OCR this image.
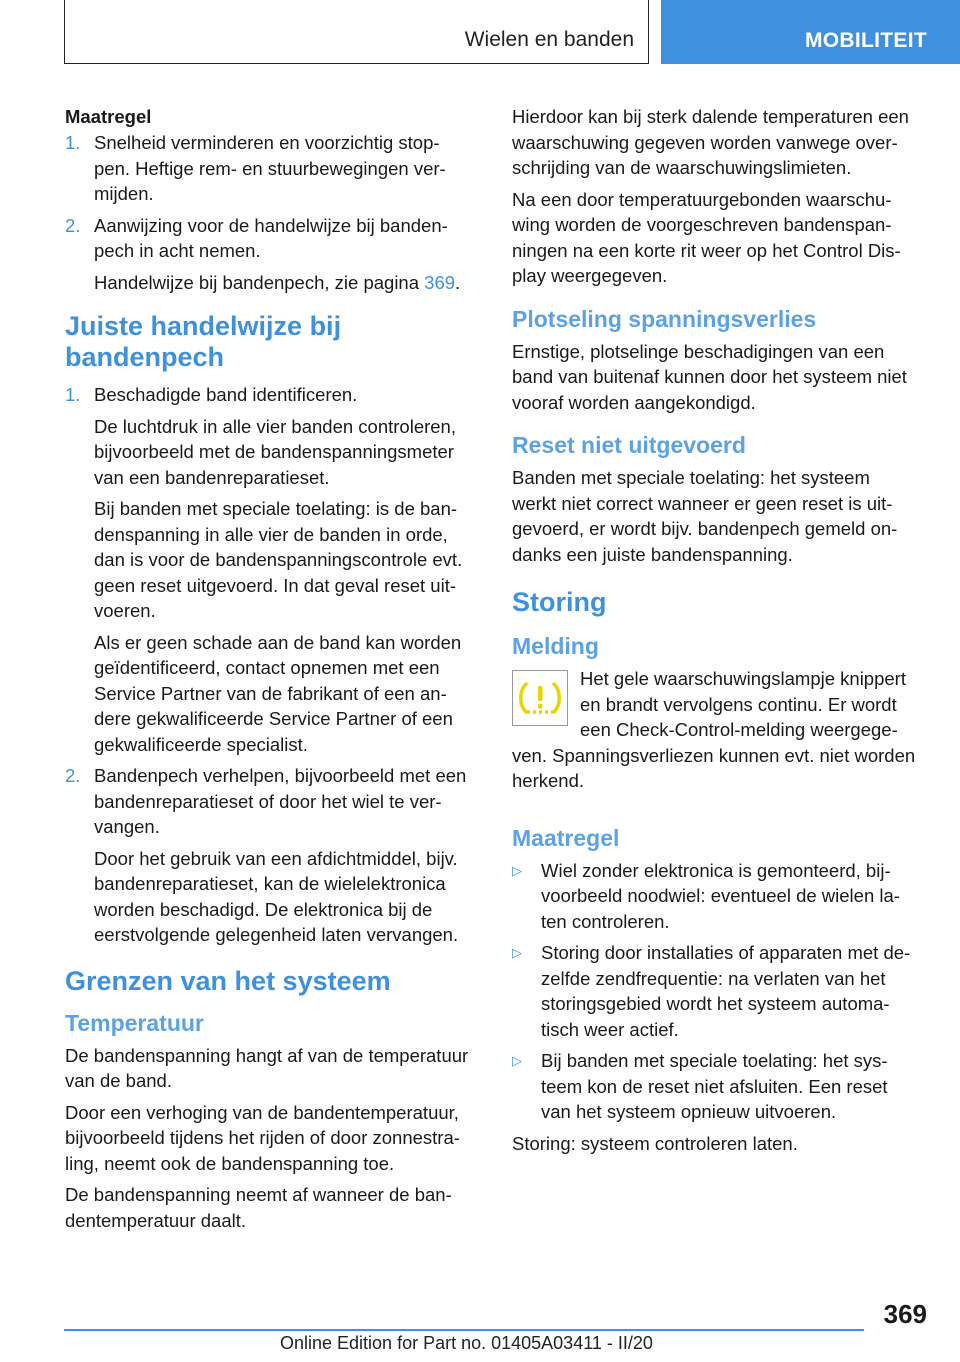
Wielen en banden	MOBILITEIT
Maatregel
1. Snelheid verminderen en voorzichtig stop-
pen. Heftige rem- en stuurbewegingen ver-
mijden.
2. Aanwijzing voor de handelwijze bij banden-
pech in acht nemen.
Handelwijze bij bandenpech, zie pagina 369.
Juiste handelwijze bij
bandenpech
1. Beschadigde band identificeren.
De luchtdruk in alle vier banden controleren,
bijvoorbeeld met de bandenspanningsmeter
van een bandenreparatieset.
Bij banden met speciale toelating: is de ban-
denspanning in alle vier de banden in orde,
dan is voor de bandenspanningscontrole evt.
geen reset uitgevoerd. In dat geval reset uit-
voeren.
Als er geen schade aan de band kan worden
geïdentificeerd, contact opnemen met een
Service Partner van de fabrikant of een an-
dere gekwalificeerde Service Partner of een
gekwalificeerde specialist.
2. Bandenpech verhelpen, bijvoorbeeld met een
bandenreparatieset of door het wiel te ver-
vangen.
Door het gebruik van een afdichtmiddel, bijv.
bandenreparatieset, kan de wielelektronica
worden beschadigd. De elektronica bij de
eerstvolgende gelegenheid laten vervangen.
Grenzen van het systeem
Temperatuur
De bandenspanning hangt af van de temperatuur
van de band.
Door een verhoging van de bandentemperatuur,
bijvoorbeeld tijdens het rijden of door zonnestra-
ling, neemt ook de bandenspanning toe.
De bandenspanning neemt af wanneer de ban-
dentemperatuur daalt.
Hierdoor kan bij sterk dalende temperaturen een
waarschuwing gegeven worden vanwege over-
schrijding van de waarschuwingslimieten.
Na een door temperatuurgebonden waarschu-
wing worden de voorgeschreven bandenspan-
ningen na een korte rit weer op het Control Dis-
play weergegeven.
Plotseling spanningsverlies
Ernstige, plotselinge beschadigingen van een
band van buitenaf kunnen door het systeem niet
vooraf worden aangekondigd.
Reset niet uitgevoerd
Banden met speciale toelating: het systeem
werkt niet correct wanneer er geen reset is uit-
gevoerd, er wordt bijv. bandenpech gemeld on-
danks een juiste bandenspanning.
Storing
Melding
Het gele waarschuwingslampje knippert
en brandt vervolgens continu. Er wordt
een Check-Control-melding weergege-
ven. Spanningsverliezen kunnen evt. niet worden
herkend.
Maatregel
▷ Wiel zonder elektronica is gemonteerd, bij-
voorbeeld noodwiel: eventueel de wielen la-
ten controleren.
▷ Storing door installaties of apparaten met de-
zelfde zendfrequentie: na verlaten van het
storingsgebied wordt het systeem automa-
tisch weer actief.
▷ Bij banden met speciale toelating: het sys-
teem kon de reset niet afsluiten. Een reset
van het systeem opnieuw uitvoeren.
Storing: systeem controleren laten.
369
Online Edition for Part no. 01405A03411 - II/20
